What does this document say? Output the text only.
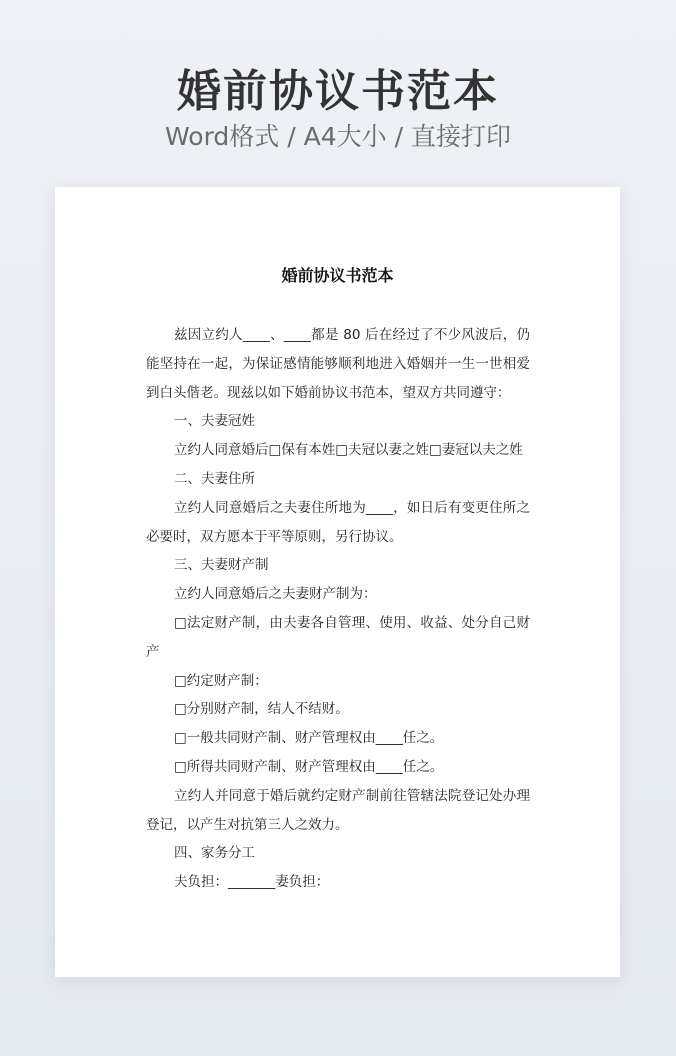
婚前协议书范本
Word格式 / A4大小 / 直接打印
婚前协议书范本

兹因立约人____、____都是 80 后在经过了不少风波后，仍能坚持在一起，为保证感情能够顺利地进入婚姻并一生一世相爱到白头偕老。现兹以如下婚前协议书范本，望双方共同遵守：

一、夫妻冠姓

立约人同意婚后□保有本姓□夫冠以妻之姓□妻冠以夫之姓

二、夫妻住所

立约人同意婚后之夫妻住所地为____，如日后有变更住所之必要时，双方愿本于平等原则，另行协议。

三、夫妻财产制

立约人同意婚后之夫妻财产制为：

□法定财产制，由夫妻各自管理、使用、收益、处分自己财产

□约定财产制：

□分别财产制，结人不结财。

□一般共同财产制、财产管理权由____任之。

□所得共同财产制、财产管理权由____任之。

立约人并同意于婚后就约定财产制前往管辖法院登记处办理登记，以产生对抗第三人之效力。

四、家务分工

夫负担：_______妻负担：
